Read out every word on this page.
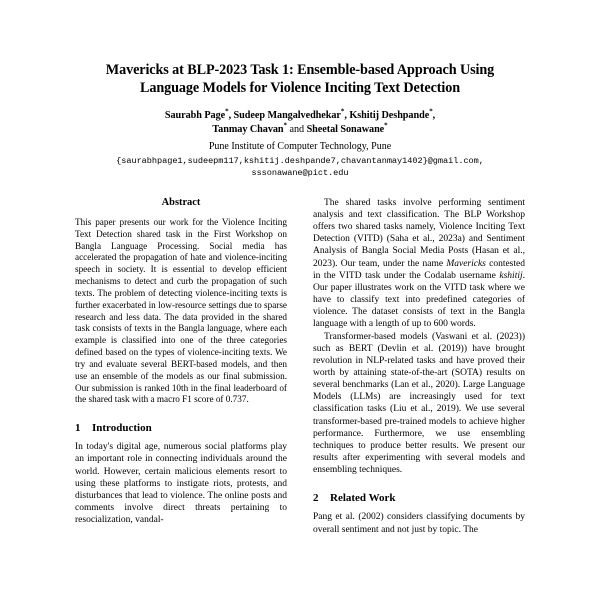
Mavericks at BLP-2023 Task 1: Ensemble-based Approach Using
Language Models for Violence Inciting Text Detection
Saurabh Page*, Sudeep Mangalvedhekar*, Kshitij Deshpande*,
Tanmay Chavan* and Sheetal Sonawane*
Pune Institute of Computer Technology, Pune
{saurabhpage1,sudeepm117,kshitij.deshpande7,chavantanmay1402}@gmail.com,
sssonawane@pict.edu
Abstract

This paper presents our work for the Violence Inciting Text Detection shared task in the First Workshop on Bangla Language Processing. Social media has accelerated the propagation of hate and violence-inciting speech in society. It is essential to develop efficient mechanisms to detect and curb the propagation of such texts. The problem of detecting violence-inciting texts is further exacerbated in low-resource settings due to sparse research and less data. The data provided in the shared task consists of texts in the Bangla language, where each example is classified into one of the three categories defined based on the types of violence-inciting texts. We try and evaluate several BERT-based models, and then use an ensemble of the models as our final submission. Our submission is ranked 10th in the final leaderboard of the shared task with a macro F1 score of 0.737.

1	Introduction

In today's digital age, numerous social platforms play an important role in connecting individuals around the world. However, certain malicious elements resort to using these platforms to instigate riots, protests, and disturbances that lead to violence. The online posts and comments involve direct threats pertaining to resocialization, vandal-

The shared tasks involve performing sentiment analysis and text classification. The BLP Workshop offers two shared tasks namely, Violence Inciting Text Detection (VITD) (Saha et al., 2023a) and Sentiment Analysis of Bangla Social Media Posts (Hasan et al., 2023). Our team, under the name Mavericks contested in the VITD task under the Codalab username kshitij. Our paper illustrates work on the VITD task where we have to classify text into predefined categories of violence. The dataset consists of text in the Bangla language with a length of up to 600 words.

Transformer-based models (Vaswani et al. (2023)) such as BERT (Devlin et al. (2019)) have brought revolution in NLP-related tasks and have proved their worth by attaining state-of-the-art (SOTA) results on several benchmarks (Lan et al., 2020). Large Language Models (LLMs) are increasingly used for text classification tasks (Liu et al., 2019). We use several transformer-based pre-trained models to achieve higher performance. Furthermore, we use ensembling techniques to produce better results. We present our results after experimenting with several models and ensembling techniques.

2	Related Work

Pang et al. (2002) considers classifying documents by overall sentiment and not just by topic. The
